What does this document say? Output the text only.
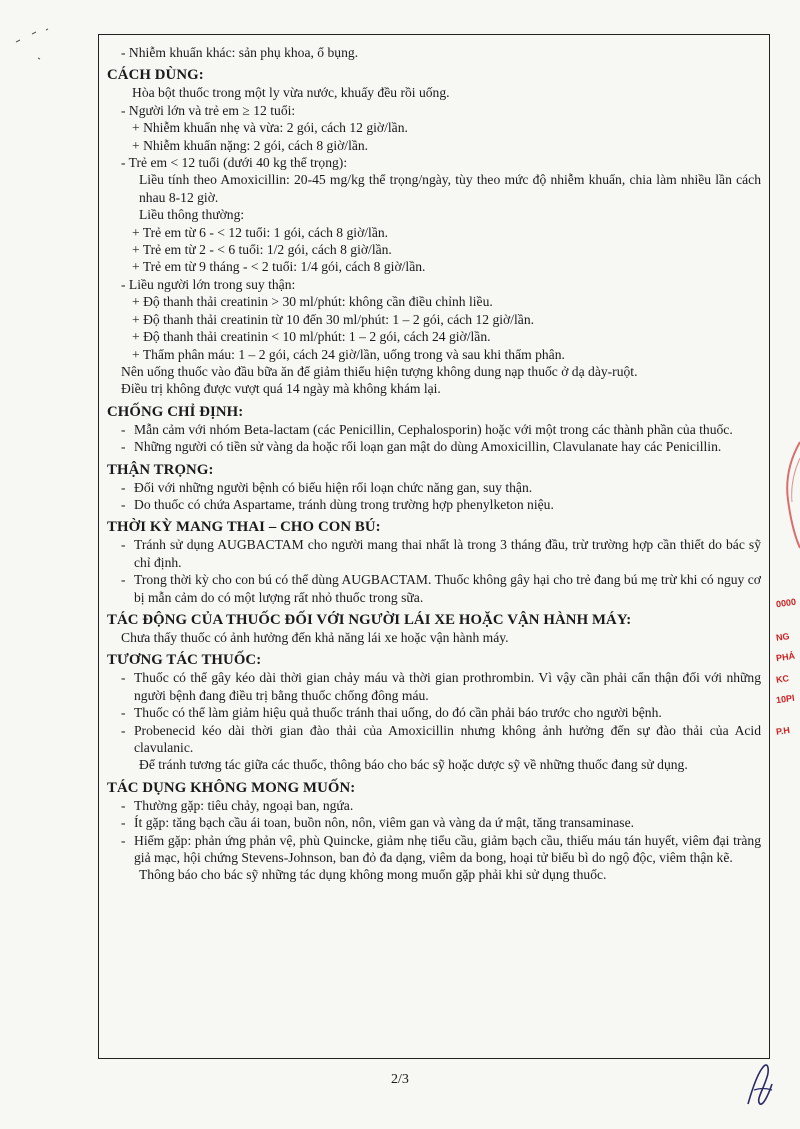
- Nhiễm khuẩn khác: sản phụ khoa, ổ bụng.
CÁCH DÙNG:
Hòa bột thuốc trong một ly vừa nước, khuấy đều rồi uống.
- Người lớn và trẻ em ≥ 12 tuổi:
+ Nhiễm khuẩn nhẹ và vừa: 2 gói, cách 12 giờ/lần.
+ Nhiễm khuẩn nặng: 2 gói, cách 8 giờ/lần.
- Trẻ em < 12 tuổi (dưới 40 kg thể trọng):
Liều tính theo Amoxicillin: 20-45 mg/kg thể trọng/ngày, tùy theo mức độ nhiễm khuẩn, chia làm nhiều lần cách nhau 8-12 giờ.
Liều thông thường:
+ Trẻ em từ 6 - < 12 tuổi: 1 gói, cách 8 giờ/lần.
+ Trẻ em từ 2 - < 6 tuổi: 1/2 gói, cách 8 giờ/lần.
+ Trẻ em từ 9 tháng - < 2 tuổi: 1/4 gói, cách 8 giờ/lần.
- Liều người lớn trong suy thận:
+ Độ thanh thải creatinin > 30 ml/phút: không cần điều chỉnh liều.
+ Độ thanh thải creatinin từ 10 đến 30 ml/phút: 1 – 2 gói, cách 12 giờ/lần.
+ Độ thanh thải creatinin < 10 ml/phút: 1 – 2 gói, cách 24 giờ/lần.
+ Thẩm phân máu: 1 – 2 gói, cách 24 giờ/lần, uống trong và sau khi thẩm phân.
Nên uống thuốc vào đầu bữa ăn để giảm thiểu hiện tượng không dung nạp thuốc ở dạ dày-ruột.
Điều trị không được vượt quá 14 ngày mà không khám lại.
CHỐNG CHỈ ĐỊNH:
- Mẫn cảm với nhóm Beta-lactam (các Penicillin, Cephalosporin) hoặc với một trong các thành phần của thuốc.
- Những người có tiền sử vàng da hoặc rối loạn gan mật do dùng Amoxicillin, Clavulanate hay các Penicillin.
THẬN TRỌNG:
- Đối với những người bệnh có biểu hiện rối loạn chức năng gan, suy thận.
- Do thuốc có chứa Aspartame, tránh dùng trong trường hợp phenylketon niệu.
THỜI KỲ MANG THAI – CHO CON BÚ:
- Tránh sử dụng AUGBACTAM cho người mang thai nhất là trong 3 tháng đầu, trừ trường hợp cần thiết do bác sỹ chỉ định.
- Trong thời kỳ cho con bú có thể dùng AUGBACTAM. Thuốc không gây hại cho trẻ đang bú mẹ trừ khi có nguy cơ bị mẫn cảm do có một lượng rất nhỏ thuốc trong sữa.
TÁC ĐỘNG CỦA THUỐC ĐỐI VỚI NGƯỜI LÁI XE HOẶC VẬN HÀNH MÁY:
Chưa thấy thuốc có ảnh hưởng đến khả năng lái xe hoặc vận hành máy.
TƯƠNG TÁC THUỐC:
- Thuốc có thể gây kéo dài thời gian chảy máu và thời gian prothrombin. Vì vậy cần phải cẩn thận đối với những người bệnh đang điều trị bằng thuốc chống đông máu.
- Thuốc có thể làm giảm hiệu quả thuốc tránh thai uống, do đó cần phải báo trước cho người bệnh.
- Probenecid kéo dài thời gian đào thải của Amoxicillin nhưng không ảnh hưởng đến sự đào thải của Acid clavulanic.
Để tránh tương tác giữa các thuốc, thông báo cho bác sỹ hoặc dược sỹ về những thuốc đang sử dụng.
TÁC DỤNG KHÔNG MONG MUỐN:
- Thường gặp: tiêu chảy, ngoại ban, ngứa.
- Ít gặp: tăng bạch cầu ái toan, buồn nôn, nôn, viêm gan và vàng da ứ mật, tăng transaminase.
- Hiếm gặp: phản ứng phản vệ, phù Quincke, giảm nhẹ tiểu cầu, giảm bạch cầu, thiếu máu tán huyết, viêm đại tràng giả mạc, hội chứng Stevens-Johnson, ban đỏ đa dạng, viêm da bong, hoại tử biểu bì do ngộ độc, viêm thận kẽ.
Thông báo cho bác sỹ những tác dụng không mong muốn gặp phải khi sử dụng thuốc.
2/3
0000
NG
PHẢ
KC
10PI
P.H
